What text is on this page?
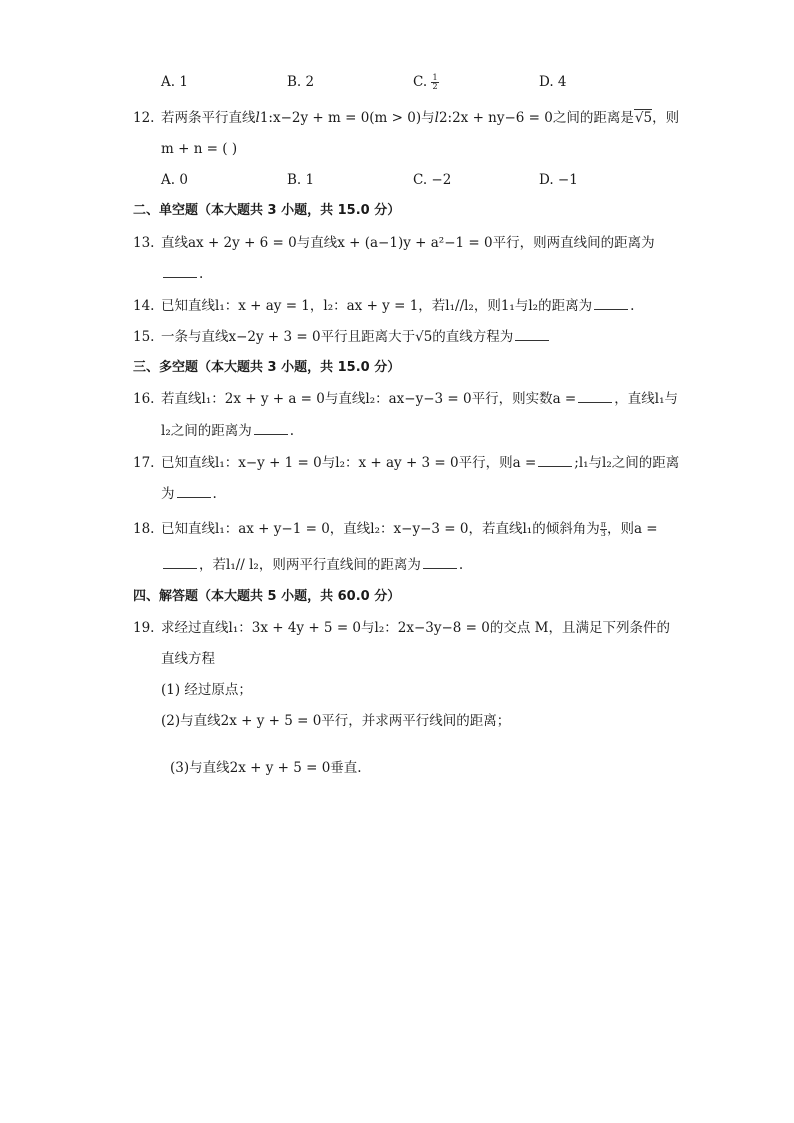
A. 1	B. 2	C. $\frac{1}{2}$	D. 4
12. 若两条平行直线l1:x−2y + m = 0(m > 0)与l2:2x + ny−6 = 0之间的距离是√5，则
m + n = ( )
A. 0	B. 1	C. −2	D. −1
二、单空题（本大题共 3 小题，共 15.0 分）
13. 直线ax + 2y + 6 = 0与直线x + (a−1)y + a²−1 = 0平行，则两直线间的距离为
.
14. 已知直线l₁：x + ay = 1，l₂：ax + y = 1，若l₁//l₂，则1₁与l₂的距离为	.
15. 一条与直线x−2y + 3 = 0平行且距离大于√5的直线方程为
三、多空题（本大题共 3 小题，共 15.0 分）
16. 若直线l₁：2x + y + a = 0与直线l₂：ax−y−3 = 0平行，则实数a =	，直线l₁与
l₂之间的距离为	.
17. 已知直线l₁：x−y + 1 = 0与l₂：x + ay + 3 = 0平行，则a =	;l₁与l₂之间的距离
为	.
18. 已知直线l₁：ax + y−1 = 0，直线l₂：x−y−3 = 0，若直线l₁的倾斜角为 $\frac{\pi}{3}$ ，则a =
，若l₁// l₂，则两平行直线间的距离为	.
四、解答题（本大题共 5 小题，共 60.0 分）
19. 求经过直线l₁：3x + 4y + 5 = 0与l₂：2x−3y−8 = 0的交点 M，且满足下列条件的
直线方程
(1) 经过原点；
(2)与直线2x + y + 5 = 0平行，并求两平行线间的距离；
(3)与直线2x + y + 5 = 0垂直.
